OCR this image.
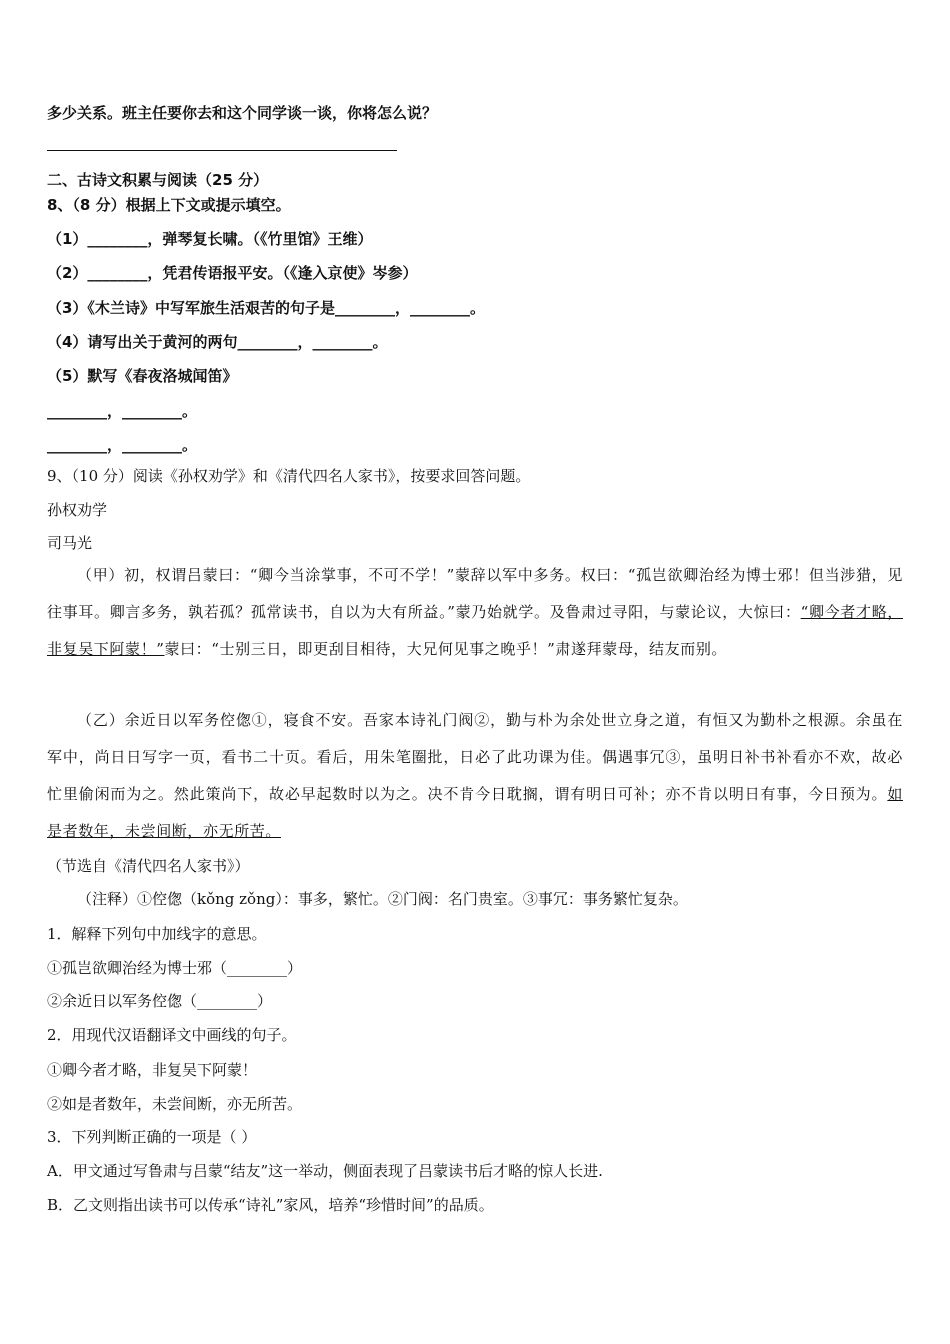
多少关系。班主任要你去和这个同学谈一谈，你将怎么说？
二、古诗文积累与阅读（25 分）
8、（8 分）根据上下文或提示填空。
（1）________，弹琴复长啸。（《竹里馆》王维）
（2）________，凭君传语报平安。（《逢入京使》岑参）
（3）《木兰诗》中写军旅生活艰苦的句子是________，________。
（4）请写出关于黄河的两句________，________。
（5）默写《春夜洛城闻笛》
________，________。
________，________。
9、（10 分）阅读《孙权劝学》和《清代四名人家书》，按要求回答问题。
孙权劝学
司马光
（甲）初，权谓吕蒙曰：“卿今当涂掌事，不可不学！”蒙辞以军中多务。权曰：“孤岂欲卿治经为博士邪！但当涉猎，见往事耳。卿言多务，孰若孤？孤常读书，自以为大有所益。”蒙乃始就学。及鲁肃过寻阳，与蒙论议，大惊曰：“卿今者才略，非复吴下阿蒙！”蒙曰：“士别三日，即更刮目相待，大兄何见事之晚乎！”肃遂拜蒙母，结友而别。
（乙）余近日以军务倥偬①，寝食不安。吾家本诗礼门阀②，勤与朴为余处世立身之道，有恒又为勤朴之根源。余虽在军中，尚日日写字一页，看书二十页。看后，用朱笔圈批，日必了此功课为佳。偶遇事冗③，虽明日补书补看亦不欢，故必忙里偷闲而为之。然此策尚下，故必早起数时以为之。决不肯今日耽搁，谓有明日可补；亦不肯以明日有事，今日预为。如是者数年，未尝间断，亦无所苦。
（节选自《清代四名人家书》）
（注释）①倥偬（kǒng zǒng）：事多，繁忙。②门阀：名门贵室。③事冗：事务繁忙复杂。
1．解释下列句中加线字的意思。
①孤岂欲卿治经为博士邪（________）
②余近日以军务倥偬（________）
2．用现代汉语翻译文中画线的句子。
①卿今者才略，非复吴下阿蒙！
②如是者数年，未尝间断，亦无所苦。
3．下列判断正确的一项是（ ）
A．甲文通过写鲁肃与吕蒙“结友”这一举动，侧面表现了吕蒙读书后才略的惊人长进.
B．乙文则指出读书可以传承“诗礼”家风，培养“珍惜时间”的品质。
